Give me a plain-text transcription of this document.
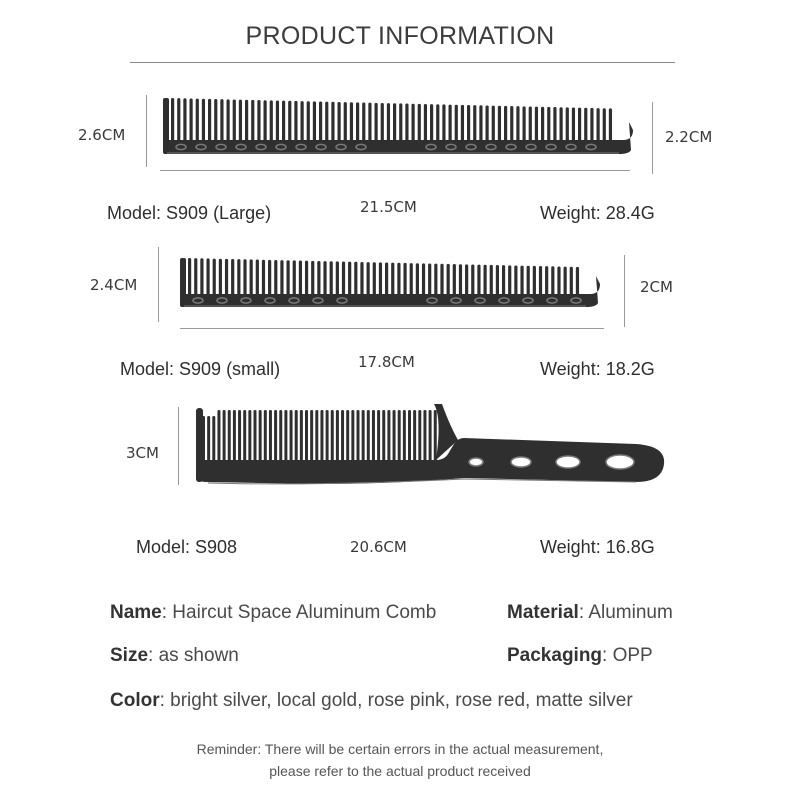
PRODUCT INFORMATION
2.6CM	2.2CM
Model: S909 (Large)	21.5CM	Weight: 28.4G
2.4CM	2CM
Model: S909 (small)	17.8CM	Weight: 18.2G
3CM
Model: S908	20.6CM	Weight: 16.8G
Name: Haircut Space Aluminum Comb	Material: Aluminum
Size: as shown	Packaging: OPP
Color: bright silver, local gold, rose pink, rose red, matte silver
Reminder: There will be certain errors in the actual measurement,
please refer to the actual product received
